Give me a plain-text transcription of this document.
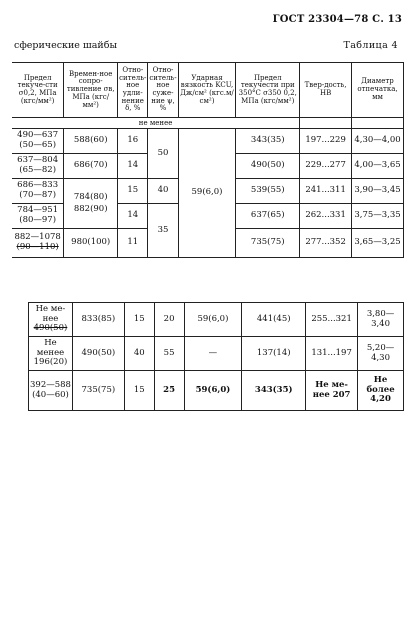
ГОСТ 23304—78 С. 13
сферические шайбы	Таблица 4
Предел текуче-сти σ0,2, МПа (кгс/мм²)	Времен-ное сопро-тивление σв, МПа (кгс/мм²)	Отно-ситель-ное удли-нение δ, %	Отно-ситель-ное суже-ние ψ, %	Ударная вязкость KCU, Дж/см² (кгс.м/см²)	Предел текучести при 350°С σ350 0,2, МПа (кгс/мм²)	Твер-дость, НВ	Диаметр отпечатка, мм
не менее							
490—637
(50—65)	588(60)	16	50	59(6,0)	343(35)	197...229	4,30—4,00
637—804
(65—82)	686(70)	14			490(50)	229...277	4,00—3,65
686—833
(70—87)	784(80)
882(90)	15	40		539(55)	241...311	3,90—3,45
784—951
(80—97)		14	35		637(65)	262...331	3,75—3,35
882—1078
(90—110)	980(100)	11			735(75)	277...352	3,65—3,25
Не ме-
нее
490(50)	833(85)	15	20	59(6,0)	441(45)	255...321	3,80—3,40
Не менее
196(20)	490(50)	40	55	—	137(14)	131...197	5,20—4,30
392—588
(40—60)	735(75)	15	25	59(6,0)	343(35)	Не ме- нее 207	Не более 4,20
